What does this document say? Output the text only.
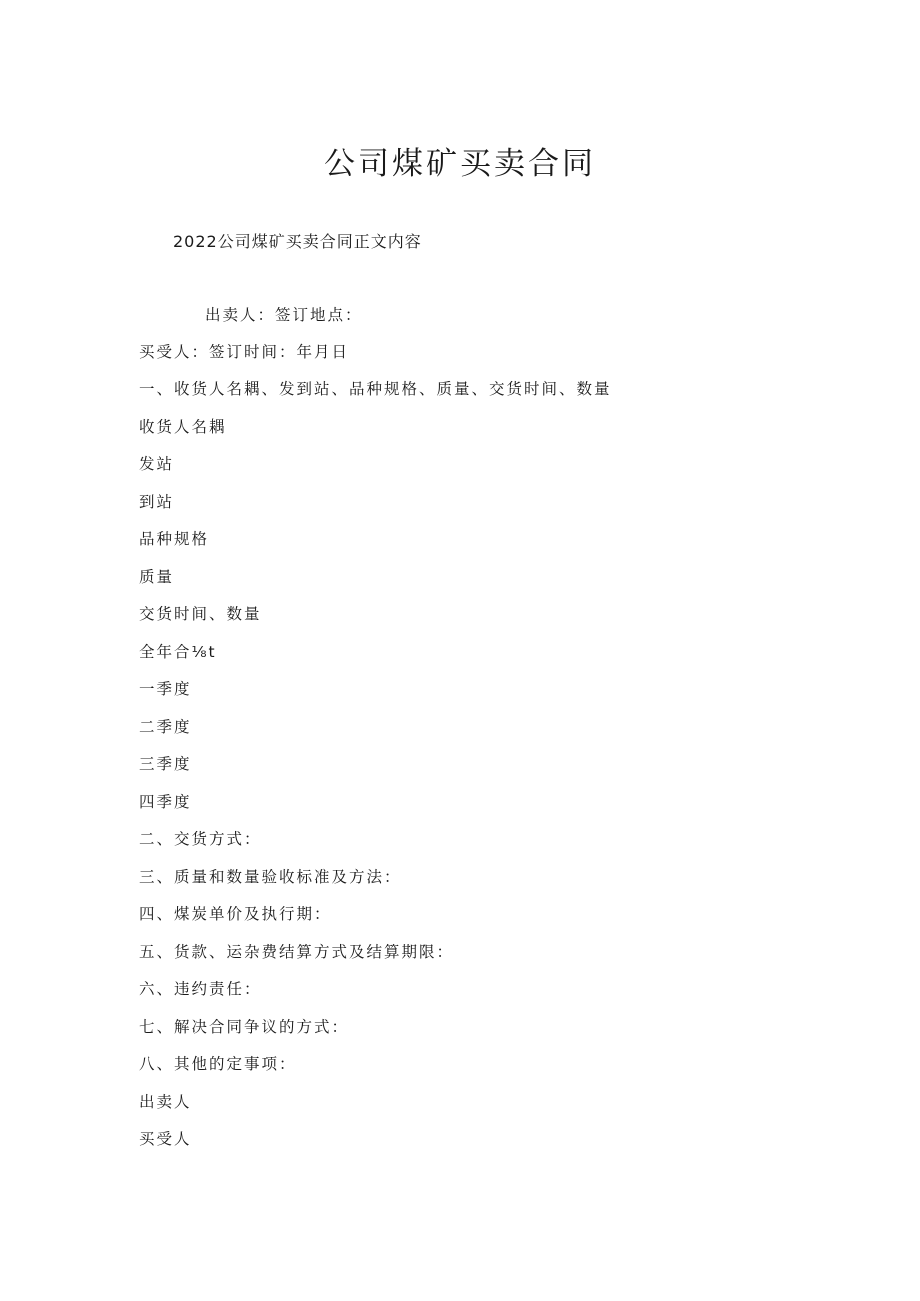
公司煤矿买卖合同

2022公司煤矿买卖合同正文内容

出卖人：签订地点：

买受人：签订时间：年月日

一、收货人名耦、发到站、品种规格、质量、交货时间、数量

收货人名耦

发站

到站

品种规格

质量

交货时间、数量

全年合⅛t

一季度

二季度

三季度

四季度

二、交货方式：

三、质量和数量验收标准及方法：

四、煤炭单价及执行期：

五、货款、运杂费结算方式及结算期限：

六、违约责任：

七、解决合同争议的方式：

八、其他的定事项：

出卖人

买受人
